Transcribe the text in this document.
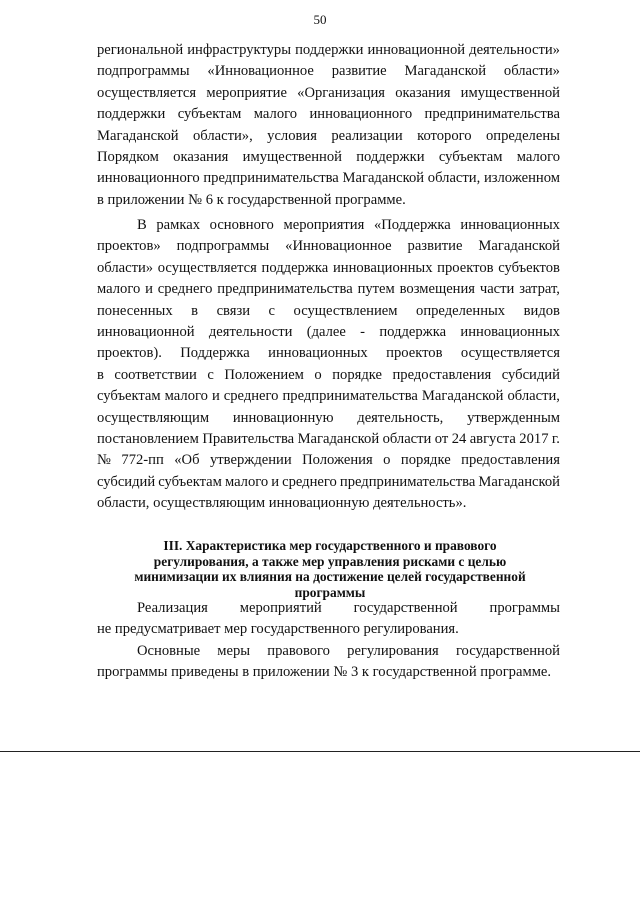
50
региональной инфраструктуры поддержки инновационной деятельности»
подпрограммы «Инновационное развитие Магаданской области»
осуществляется мероприятие «Организация оказания имущественной
поддержки субъектам малого инновационного предпринимательства
Магаданской области», условия реализации которого определены
Порядком оказания имущественной поддержки субъектам малого
инновационного предпринимательства Магаданской области, изложенном
в приложении № 6 к государственной программе.
В рамках основного мероприятия «Поддержка инновационных
проектов» подпрограммы «Инновационное развитие Магаданской
области» осуществляется поддержка инновационных проектов субъектов
малого и среднего предпринимательства путем возмещения части затрат,
понесенных в связи с осуществлением определенных видов
инновационной деятельности (далее - поддержка инновационных
проектов). Поддержка инновационных проектов осуществляется
в соответствии с Положением о порядке предоставления субсидий
субъектам малого и среднего предпринимательства Магаданской области,
осуществляющим инновационную деятельность, утвержденным
постановлением Правительства Магаданской области от 24 августа 2017 г.
№ 772-пп «Об утверждении Положения о порядке предоставления
субсидий субъектам малого и среднего предпринимательства Магаданской
области, осуществляющим инновационную деятельность».
III. Характеристика мер государственного и правового
регулирования, а также мер управления рисками с целью
минимизации их влияния на достижение целей государственной
программы
Реализация мероприятий государственной программы
не предусматривает мер государственного регулирования.
Основные меры правового регулирования государственной
программы приведены в приложении № 3 к государственной программе.
